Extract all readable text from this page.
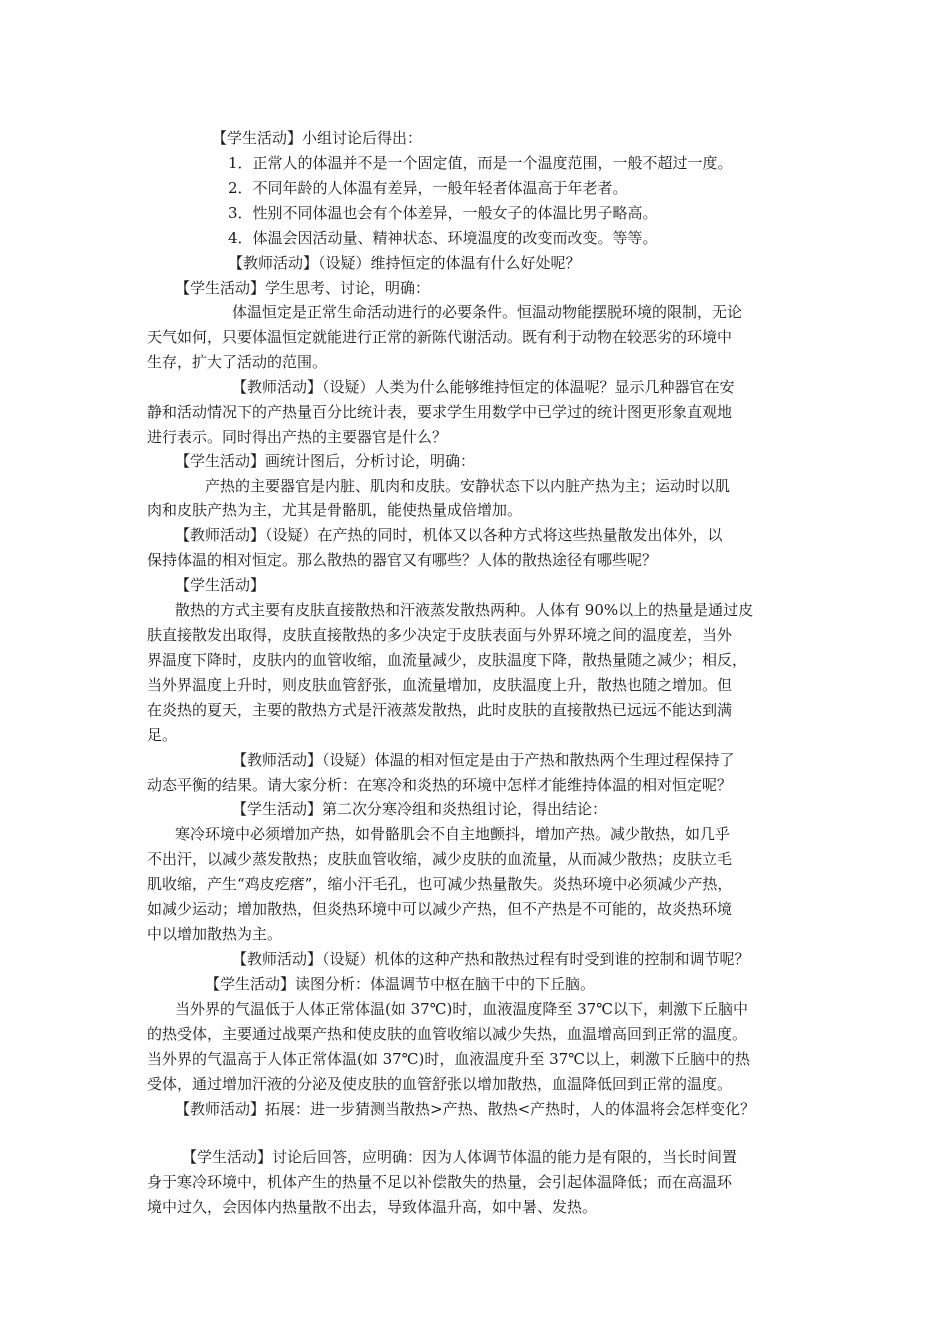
【学生活动】小组讨论后得出：
1．正常人的体温并不是一个固定值，而是一个温度范围，一般不超过一度。
2．不同年龄的人体温有差异，一般年轻者体温高于年老者。
3．性别不同体温也会有个体差异，一般女子的体温比男子略高。
4．体温会因活动量、精神状态、环境温度的改变而改变。等等。
【教师活动】（设疑）维持恒定的体温有什么好处呢？
【学生活动】学生思考、讨论，明确：
体温恒定是正常生命活动进行的必要条件。恒温动物能摆脱环境的限制，无论
天气如何，只要体温恒定就能进行正常的新陈代谢活动。既有利于动物在较恶劣的环境中
生存，扩大了活动的范围。
【教师活动】（设疑）人类为什么能够维持恒定的体温呢？显示几种器官在安
静和活动情况下的产热量百分比统计表，要求学生用数学中已学过的统计图更形象直观地
进行表示。同时得出产热的主要器官是什么？
【学生活动】画统计图后，分析讨论，明确：
产热的主要器官是内脏、肌肉和皮肤。安静状态下以内脏产热为主；运动时以肌
肉和皮肤产热为主，尤其是骨骼肌，能使热量成倍增加。
【教师活动】（设疑）在产热的同时，机体又以各种方式将这些热量散发出体外，以
保持体温的相对恒定。那么散热的器官又有哪些？人体的散热途径有哪些呢？
【学生活动】
散热的方式主要有皮肤直接散热和汗液蒸发散热两种。人体有 90%以上的热量是通过皮
肤直接散发出取得，皮肤直接散热的多少决定于皮肤表面与外界环境之间的温度差，当外
界温度下降时，皮肤内的血管收缩，血流量减少，皮肤温度下降，散热量随之减少；相反，
当外界温度上升时，则皮肤血管舒张，血流量增加，皮肤温度上升，散热也随之增加。但
在炎热的夏天，主要的散热方式是汗液蒸发散热，此时皮肤的直接散热已远远不能达到满
足。
【教师活动】（设疑）体温的相对恒定是由于产热和散热两个生理过程保持了
动态平衡的结果。请大家分析：在寒冷和炎热的环境中怎样才能维持体温的相对恒定呢？
【学生活动】第二次分寒冷组和炎热组讨论，得出结论：
寒冷环境中必须增加产热，如骨骼肌会不自主地颤抖，增加产热。减少散热，如几乎
不出汗，以减少蒸发散热；皮肤血管收缩，减少皮肤的血流量，从而减少散热；皮肤立毛
肌收缩，产生“鸡皮疙瘩”，缩小汗毛孔，也可减少热量散失。炎热环境中必须减少产热，
如减少运动；增加散热，但炎热环境中可以减少产热，但不产热是不可能的，故炎热环境
中以增加散热为主。
【教师活动】（设疑）机体的这种产热和散热过程有时受到谁的控制和调节呢？
【学生活动】读图分析：体温调节中枢在脑干中的下丘脑。
当外界的气温低于人体正常体温(如 37℃)时，血液温度降至 37℃以下，刺激下丘脑中
的热受体，主要通过战栗产热和使皮肤的血管收缩以减少失热，血温增高回到正常的温度。
当外界的气温高于人体正常体温(如 37℃)时，血液温度升至 37℃以上，刺激下丘脑中的热
受体，通过增加汗液的分泌及使皮肤的血管舒张以增加散热，血温降低回到正常的温度。
【教师活动】拓展：进一步猜测当散热>产热、散热<产热时，人的体温将会怎样变化？
【学生活动】讨论后回答，应明确：因为人体调节体温的能力是有限的，当长时间置
身于寒冷环境中，机体产生的热量不足以补偿散失的热量，会引起体温降低；而在高温环
境中过久，会因体内热量散不出去，导致体温升高，如中暑、发热。
